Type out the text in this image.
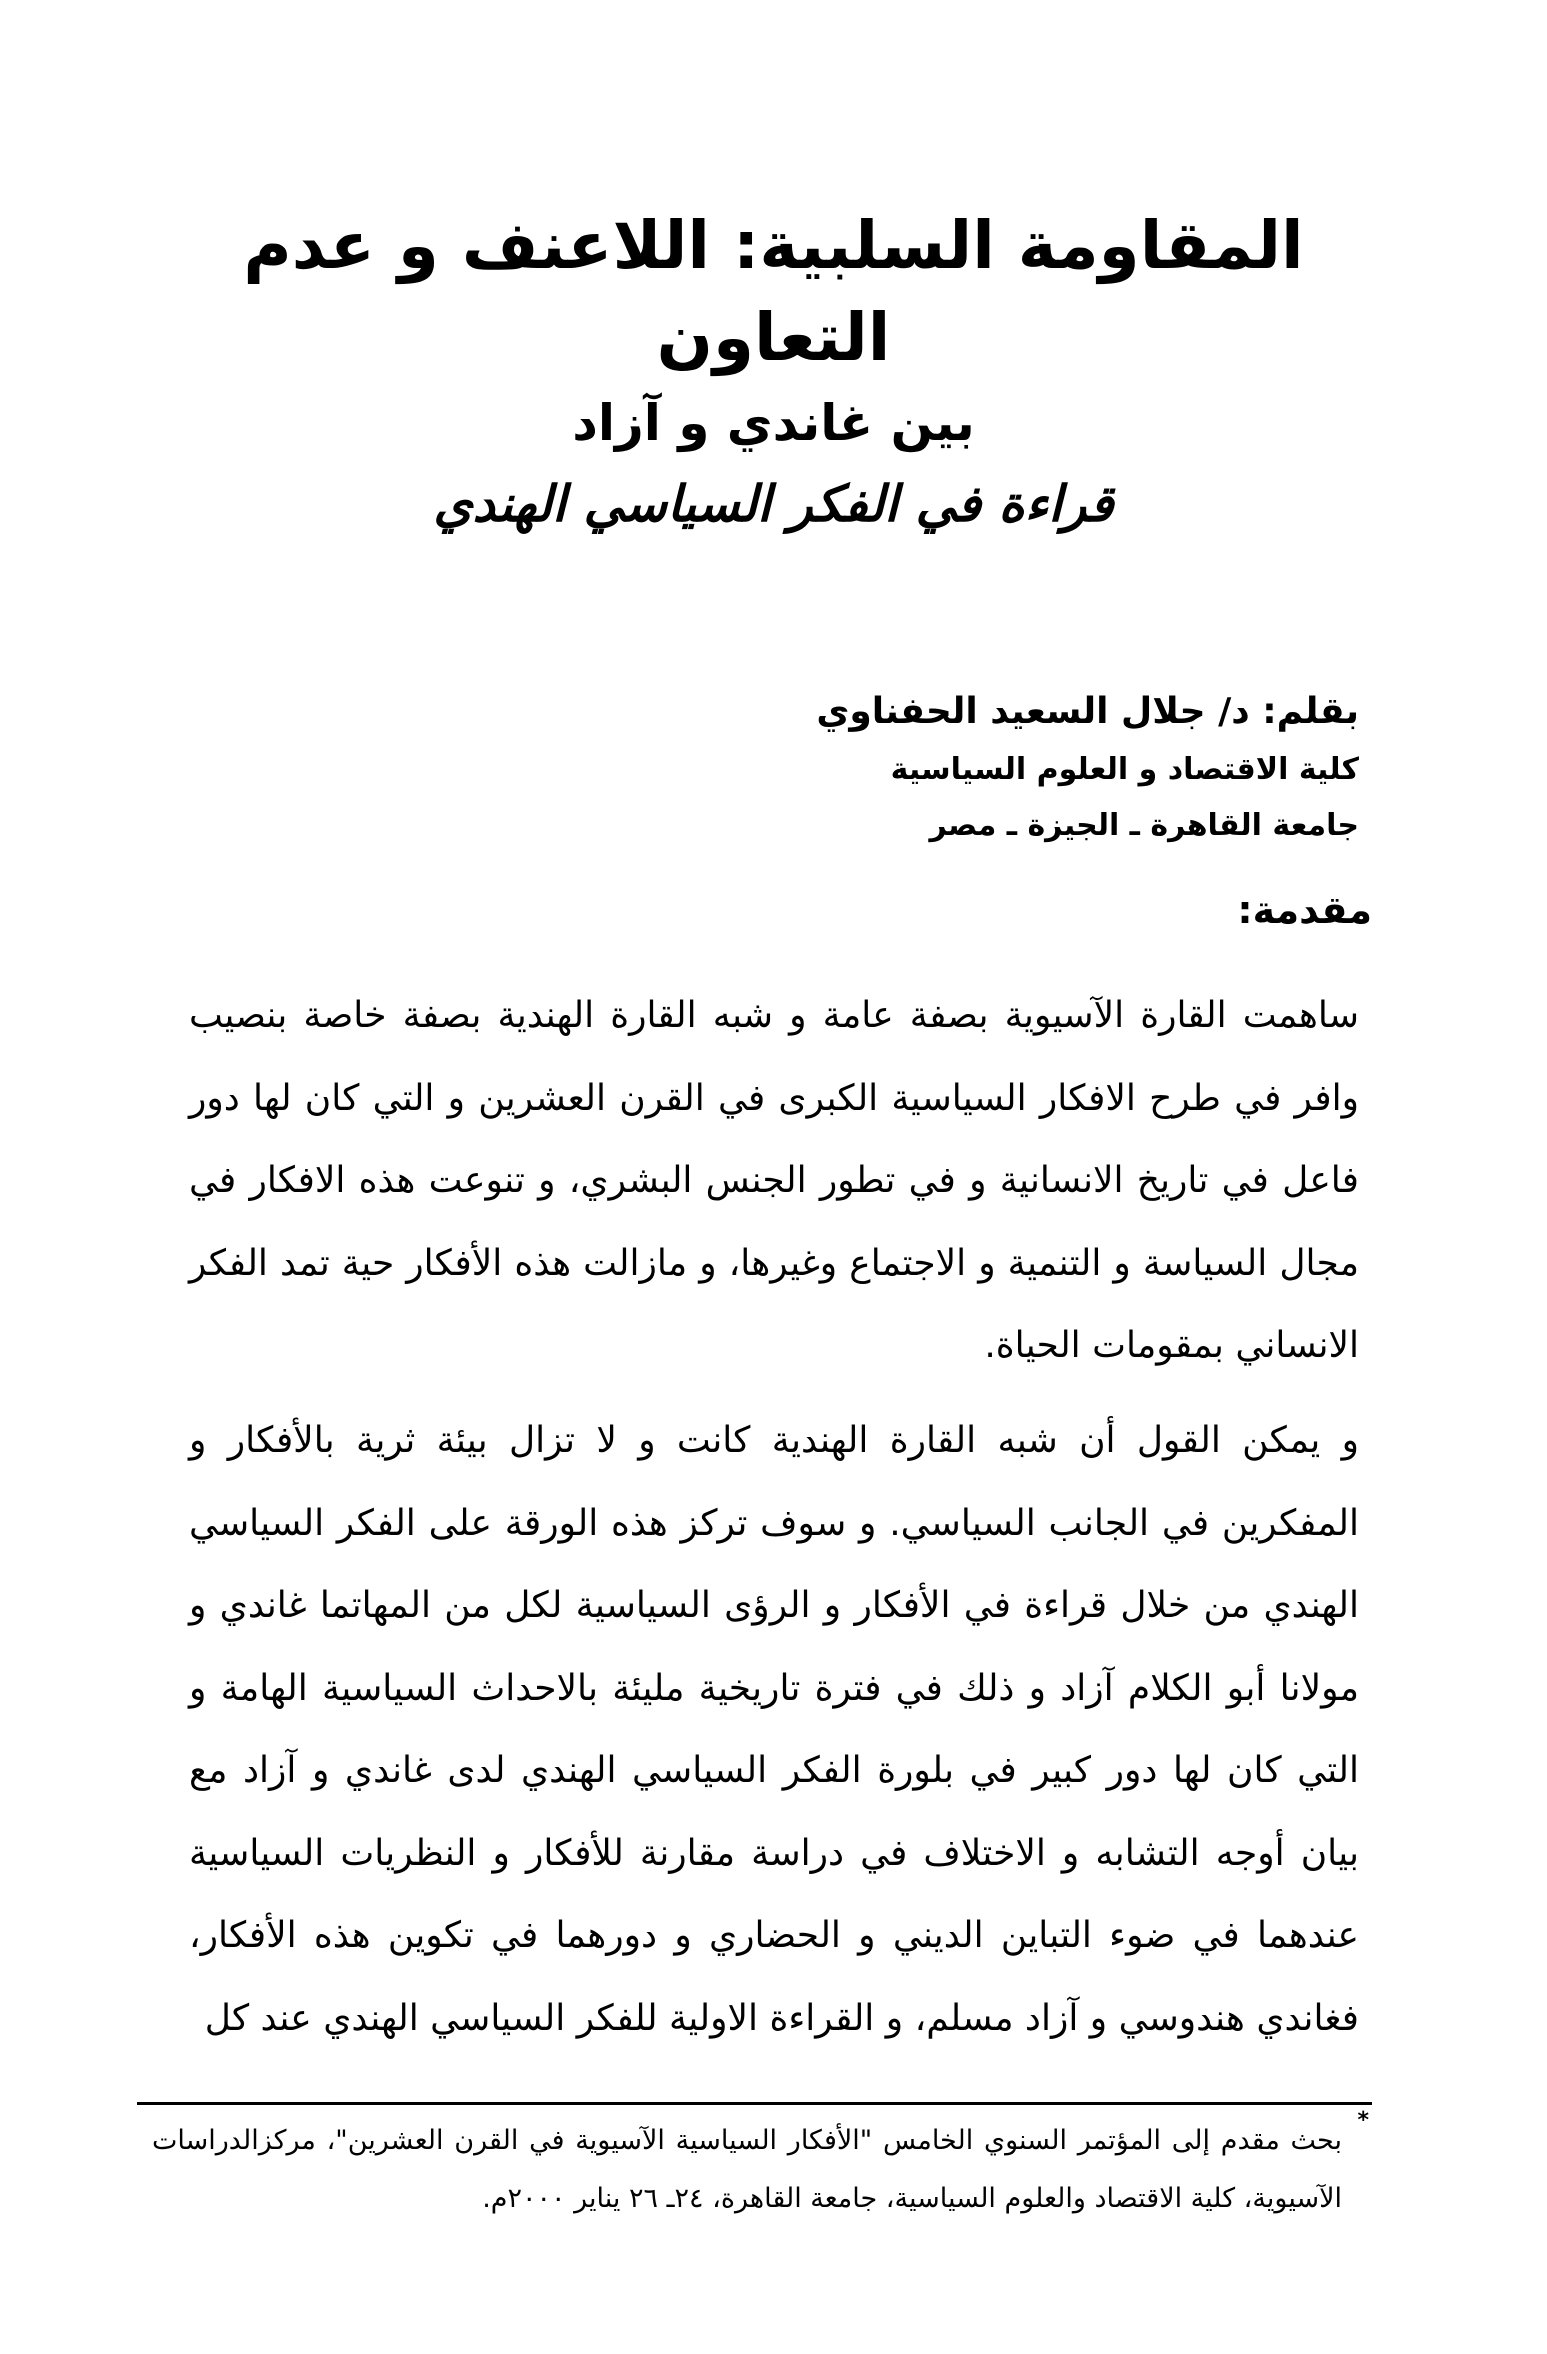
المقاومة السلبية: اللاعنف و عدم التعاون

بين غاندي و آزاد

قراءة في الفكر السياسي الهندي

بقلم: د/ جلال السعيد الحفناوي

كلية الاقتصاد و العلوم السياسية

جامعة القاهرة ـ الجيزة ـ مصر

مقدمة:

ساهمت القارة الآسيوية بصفة عامة و شبه القارة الهندية بصفة خاصة بنصيب وافر في طرح الافكار السياسية الكبرى في القرن العشرين و التي كان لها دور فاعل في تاريخ الانسانية و في تطور الجنس البشري، و تنوعت هذه الافكار في مجال السياسة و التنمية و الاجتماع وغيرها، و مازالت هذه الأفكار حية تمد الفكر الانساني بمقومات الحياة.

و يمكن القول أن شبه القارة الهندية كانت و لا تزال بيئة ثرية بالأفكار و المفكرين في الجانب السياسي. و سوف تركز هذه الورقة على الفكر السياسي الهندي من خلال قراءة في الأفكار و الرؤى السياسية لكل من المهاتما غاندي و مولانا أبو الكلام آزاد و ذلك في فترة تاريخية مليئة بالاحداث السياسية الهامة و التي كان لها دور كبير في بلورة الفكر السياسي الهندي لدى غاندي و آزاد مع بيان أوجه التشابه و الاختلاف في دراسة مقارنة للأفكار و النظريات السياسية عندهما في ضوء التباين الديني و الحضاري و دورهما في تكوين هذه الأفكار، فغاندي هندوسي و آزاد مسلم، و القراءة الاولية للفكر السياسي الهندي عند كل

*

بحث مقدم إلى المؤتمر السنوي الخامس "الأفكار السياسية الآسيوية في القرن العشرين"، مركزالدراسات الآسيوية، كلية الاقتصاد والعلوم السياسية، جامعة القاهرة، ٢٤ـ ٢٦ يناير ٢٠٠٠م.
